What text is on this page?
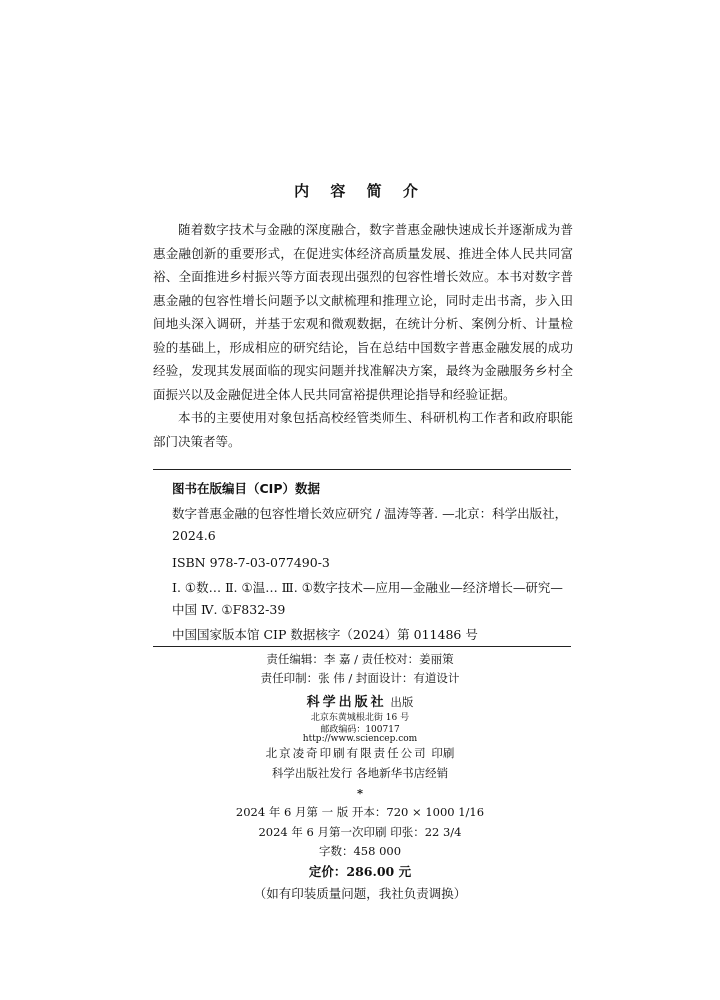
内 容 简 介

随着数字技术与金融的深度融合，数字普惠金融快速成长并逐渐成为普惠金融创新的重要形式，在促进实体经济高质量发展、推进全体人民共同富裕、全面推进乡村振兴等方面表现出强烈的包容性增长效应。本书对数字普惠金融的包容性增长问题予以文献梳理和推理立论，同时走出书斋，步入田间地头深入调研，并基于宏观和微观数据，在统计分析、案例分析、计量检验的基础上，形成相应的研究结论，旨在总结中国数字普惠金融发展的成功经验，发现其发展面临的现实问题并找准解决方案，最终为金融服务乡村全面振兴以及金融促进全体人民共同富裕提供理论指导和经验证据。

本书的主要使用对象包括高校经管类师生、科研机构工作者和政府职能部门决策者等。

图书在版编目（CIP）数据
数字普惠金融的包容性增长效应研究 / 温涛等著. —北京：科学出版社，2024.6
ISBN 978-7-03-077490-3
Ⅰ. ①数… Ⅱ. ①温… Ⅲ. ①数字技术—应用—金融业—经济增长—研究—中国 Ⅳ. ①F832-39
中国国家版本馆 CIP 数据核字（2024）第 011486 号
责任编辑：李 嘉 / 责任校对：姜丽策
责任印制：张 伟 / 封面设计：有道设计
科学出版社 出版
北京东黄城根北街 16 号
邮政编码：100717
http://www.sciencep.com
北京凌奇印刷有限责任公司 印刷
科学出版社发行 各地新华书店经销
*
2024 年 6 月第 一 版 开本：720 × 1000 1/16
2024 年 6 月第一次印刷 印张：22 3/4
字数：458 000
定价：286.00 元
（如有印装质量问题，我社负责调换）
